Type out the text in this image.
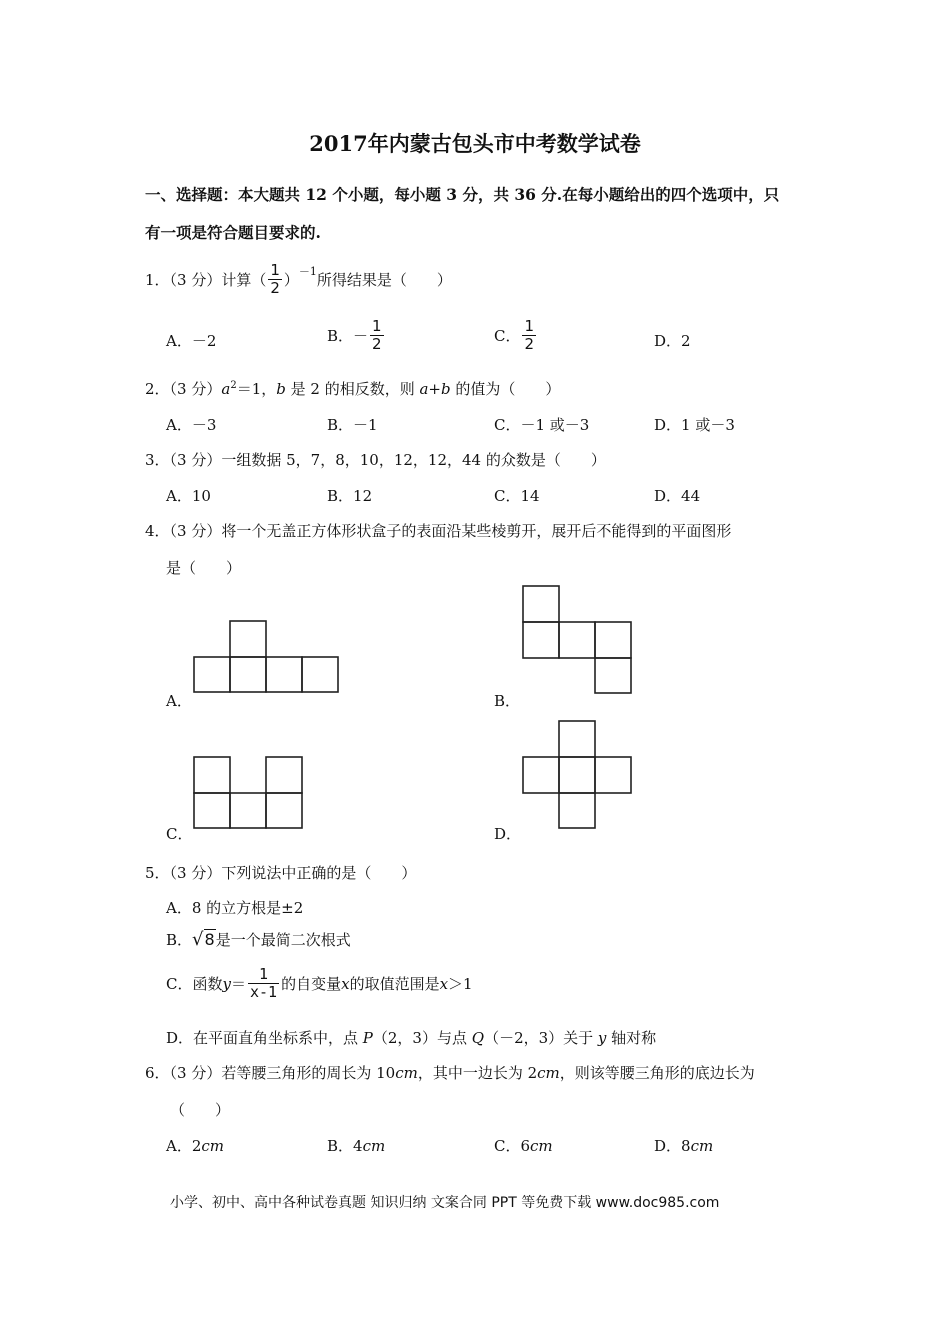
2017年内蒙古包头市中考数学试卷
一、选择题：本大题共 12 个小题，每小题 3 分，共 36 分.在每小题给出的四个选项中，只
有一项是符合题目要求的.
1．（3 分）计算（ $\frac{1}{2} )^{-1}$ 所得结果是（　　）
A．－2	B． － $\frac{1}{2}$	C． $\frac{1}{2}$	D．2
2．（3 分）$a^2=1$，b 是 2 的相反数，则 a+b 的值为（　　）
A．－3	B．－1	C．－1 或－3	D．1 或－3
3．（3 分）一组数据 5，7，8，10，12，12，44 的众数是（　　）
A．10	B．12	C．14	D．44
4．（3 分）将一个无盖正方体形状盒子的表面沿某些棱剪开，展开后不能得到的平面图形
是（　　）
A．	B．
C．	D．
5．（3 分）下列说法中正确的是（　　）
A．8 的立方根是±2
B． √8 是一个最简二次根式
C．函数 $y = \frac{1}{x-1}$ 的自变量 x 的取值范围是 x ＞1
D．在平面直角坐标系中，点 P（2，3）与点 Q（－2，3）关于 y 轴对称
6．（3 分）若等腰三角形的周长为 10cm，其中一边长为 2cm，则该等腰三角形的底边长为
（　　）
A．2cm	B．4cm	C．6cm	D．8cm
小学、初中、高中各种试卷真题 知识归纳 文案合同 PPT 等免费下载 www.doc985.com
